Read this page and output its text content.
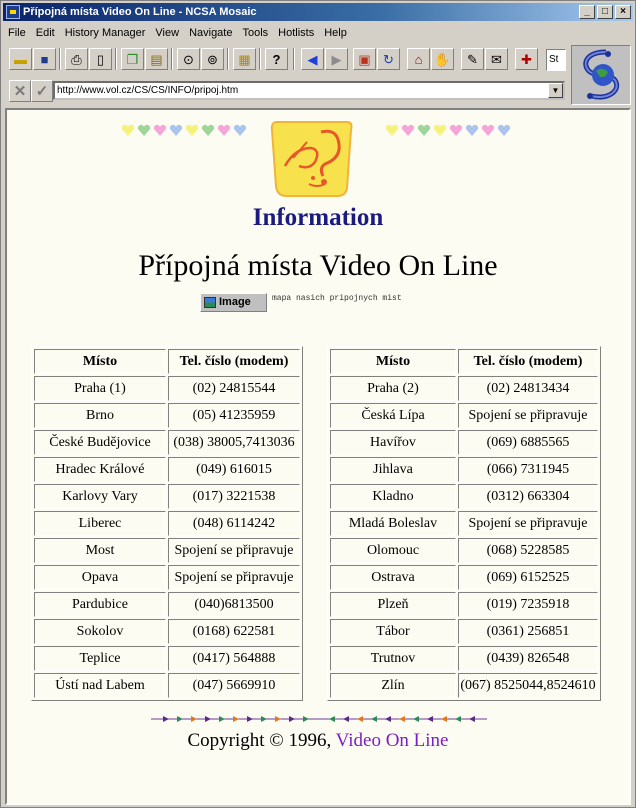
Přípojná místa Video On Line - NCSA Mosaic	_ □ ×
File Edit History Manager View Navigate Tools Hotlists Help
▬ ■ ⎙ ▯ ❐ ▤ ⊙ ⊚ ▦ ? ◀ ▶ ▣ ↻ ⌂ ✋ ✎ ✉ ✚	St
✕ ✓ http://www.vol.cz/CS/CS/INFO/pripoj.htm	▼
Information
Přípojná místa Video On Line
Image	mapa nasich pripojnych mist
Místo	Tel. číslo (modem)
Praha (1)	(02) 24815544
Brno	(05) 41235959
České Budějovice	(038) 38005,7413036
Hradec Králové	(049) 616015
Karlovy Vary	(017) 3221538
Liberec	(048) 6114242
Most	Spojení se připravuje
Opava	Spojení se připravuje
Pardubice	(040)6813500
Sokolov	(0168) 622581
Teplice	(0417) 564888
Ústí nad Labem	(047) 5669910
Místo	Tel. číslo (modem)
Praha (2)	(02) 24813434
Česká Lípa	Spojení se připravuje
Havířov	(069) 6885565
Jihlava	(066) 7311945
Kladno	(0312) 663304
Mladá Boleslav	Spojení se připravuje
Olomouc	(068) 5228585
Ostrava	(069) 6152525
Plzeň	(019) 7235918
Tábor	(0361) 256851
Trutnov	(0439) 826548
Zlín	(067) 8525044,8524610
Copyright © 1996, Video On Line
